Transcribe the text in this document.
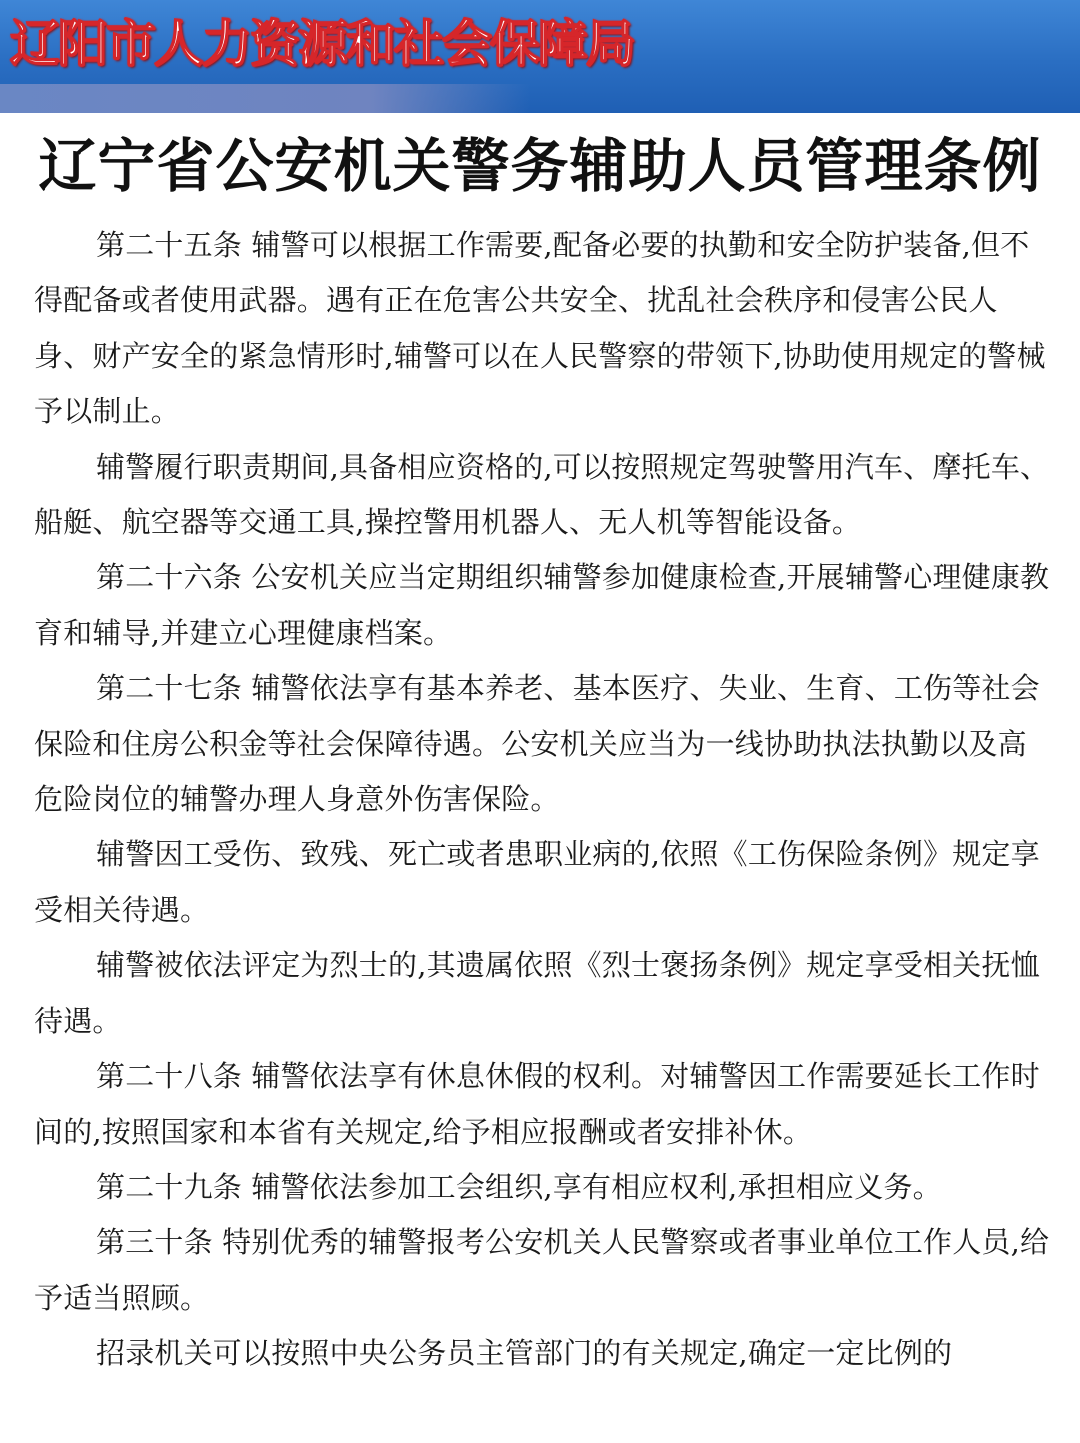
辽阳市人力资源和社会保障局
辽宁省公安机关警务辅助人员管理条例

第二十五条 辅警可以根据工作需要,配备必要的执勤和安全防护装备,但不得配备或者使用武器。遇有正在危害公共安全、扰乱社会秩序和侵害公民人身、财产安全的紧急情形时,辅警可以在人民警察的带领下,协助使用规定的警械予以制止。

辅警履行职责期间,具备相应资格的,可以按照规定驾驶警用汽车、摩托车、船艇、航空器等交通工具,操控警用机器人、无人机等智能设备。

第二十六条 公安机关应当定期组织辅警参加健康检查,开展辅警心理健康教育和辅导,并建立心理健康档案。

第二十七条 辅警依法享有基本养老、基本医疗、失业、生育、工伤等社会保险和住房公积金等社会保障待遇。公安机关应当为一线协助执法执勤以及高危险岗位的辅警办理人身意外伤害保险。

辅警因工受伤、致残、死亡或者患职业病的,依照《工伤保险条例》规定享受相关待遇。

辅警被依法评定为烈士的,其遗属依照《烈士褒扬条例》规定享受相关抚恤待遇。

第二十八条 辅警依法享有休息休假的权利。对辅警因工作需要延长工作时间的,按照国家和本省有关规定,给予相应报酬或者安排补休。

第二十九条 辅警依法参加工会组织,享有相应权利,承担相应义务。

第三十条 特别优秀的辅警报考公安机关人民警察或者事业单位工作人员,给予适当照顾。

招录机关可以按照中央公务员主管部门的有关规定,确定一定比例的
